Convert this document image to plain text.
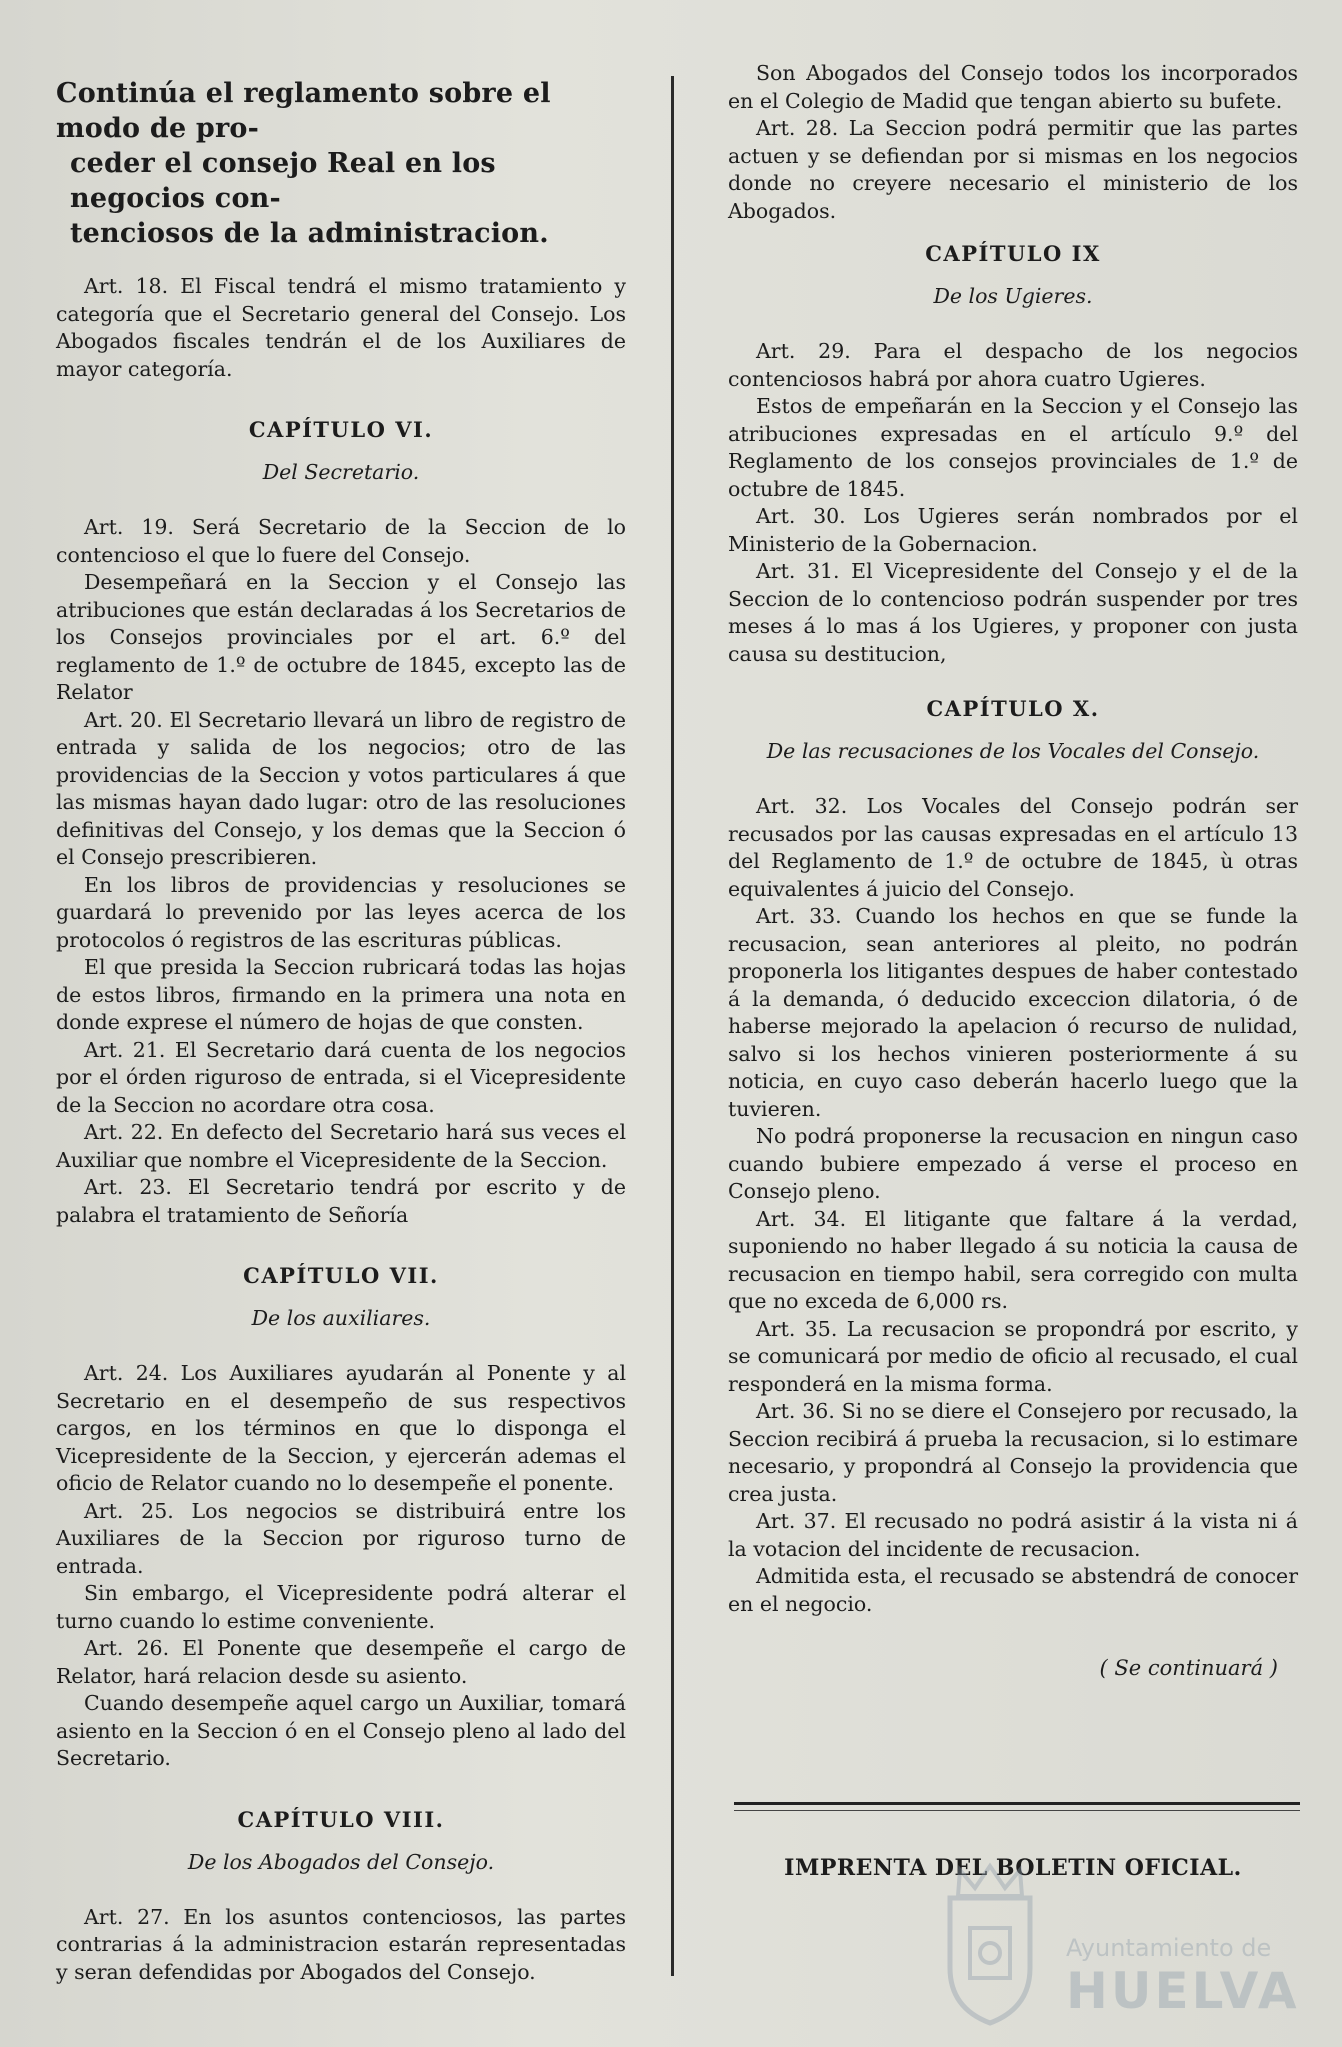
Continúa el reglamento sobre el modo de pro-
ceder el consejo Real en los negocios con-
tenciosos de la administracion.

Art. 18. El Fiscal tendrá el mismo tratamiento y categoría que el Secretario general del Consejo. Los Abogados fiscales tendrán el de los Auxiliares de mayor categoría.

CAPÍTULO VI.
Del Secretario.

Art. 19. Será Secretario de la Seccion de lo contencioso el que lo fuere del Consejo.

Desempeñará en la Seccion y el Consejo las atribuciones que están declaradas á los Secretarios de los Consejos provinciales por el art. 6.º del reglamento de 1.º de octubre de 1845, excepto las de Relator

Art. 20. El Secretario llevará un libro de registro de entrada y salida de los negocios; otro de las providencias de la Seccion y votos particulares á que las mismas hayan dado lugar: otro de las resoluciones definitivas del Consejo, y los demas que la Seccion ó el Consejo prescribieren.

En los libros de providencias y resoluciones se guardará lo prevenido por las leyes acerca de los protocolos ó registros de las escrituras públicas.

El que presida la Seccion rubricará todas las hojas de estos libros, firmando en la primera una nota en donde exprese el número de hojas de que consten.

Art. 21. El Secretario dará cuenta de los negocios por el órden riguroso de entrada, si el Vicepresidente de la Seccion no acordare otra cosa.

Art. 22. En defecto del Secretario hará sus veces el Auxiliar que nombre el Vicepresidente de la Seccion.

Art. 23. El Secretario tendrá por escrito y de palabra el tratamiento de Señoría

CAPÍTULO VII.
De los auxiliares.

Art. 24. Los Auxiliares ayudarán al Ponente y al Secretario en el desempeño de sus respectivos cargos, en los términos en que lo disponga el Vicepresidente de la Seccion, y ejercerán ademas el oficio de Relator cuando no lo desempeñe el ponente.

Art. 25. Los negocios se distribuirá entre los Auxiliares de la Seccion por riguroso turno de entrada.

Sin embargo, el Vicepresidente podrá alterar el turno cuando lo estime conveniente.

Art. 26. El Ponente que desempeñe el cargo de Relator, hará relacion desde su asiento.

Cuando desempeñe aquel cargo un Auxiliar, tomará asiento en la Seccion ó en el Consejo pleno al lado del Secretario.

CAPÍTULO VIII.
De los Abogados del Consejo.

Art. 27. En los asuntos contenciosos, las partes contrarias á la administracion estarán representadas y seran defendidas por Abogados del Consejo.

Son Abogados del Consejo todos los incorporados en el Colegio de Madid que tengan abierto su bufete.

Art. 28. La Seccion podrá permitir que las partes actuen y se defiendan por si mismas en los negocios donde no creyere necesario el ministerio de los Abogados.

CAPÍTULO IX
De los Ugieres.

Art. 29. Para el despacho de los negocios contenciosos habrá por ahora cuatro Ugieres.

Estos de empeñarán en la Seccion y el Consejo las atribuciones expresadas en el artículo 9.º del Reglamento de los consejos provinciales de 1.º de octubre de 1845.

Art. 30. Los Ugieres serán nombrados por el Ministerio de la Gobernacion.

Art. 31. El Vicepresidente del Consejo y el de la Seccion de lo contencioso podrán suspender por tres meses á lo mas á los Ugieres, y proponer con justa causa su destitucion,

CAPÍTULO X.
De las recusaciones de los Vocales del Consejo.

Art. 32. Los Vocales del Consejo podrán ser recusados por las causas expresadas en el artículo 13 del Reglamento de 1.º de octubre de 1845, ù otras equivalentes á juicio del Consejo.

Art. 33. Cuando los hechos en que se funde la recusacion, sean anteriores al pleito, no podrán proponerla los litigantes despues de haber contestado á la demanda, ó deducido exceccion dilatoria, ó de haberse mejorado la apelacion ó recurso de nulidad, salvo si los hechos vinieren posteriormente á su noticia, en cuyo caso deberán hacerlo luego que la tuvieren.

No podrá proponerse la recusacion en ningun caso cuando bubiere empezado á verse el proceso en Consejo pleno.

Art. 34. El litigante que faltare á la verdad, suponiendo no haber llegado á su noticia la causa de recusacion en tiempo habil, sera corregido con multa que no exceda de 6,000 rs.

Art. 35. La recusacion se propondrá por escrito, y se comunicará por medio de oficio al recusado, el cual responderá en la misma forma.

Art. 36. Si no se diere el Consejero por recusado, la Seccion recibirá á prueba la recusacion, si lo estimare necesario, y propondrá al Consejo la providencia que crea justa.

Art. 37. El recusado no podrá asistir á la vista ni á la votacion del incidente de recusacion.

Admitida esta, el recusado se abstendrá de conocer en el negocio.

( Se continuará )
IMPRENTA DEL BOLETIN OFICIAL.
Ayuntamiento de
HUELVA
